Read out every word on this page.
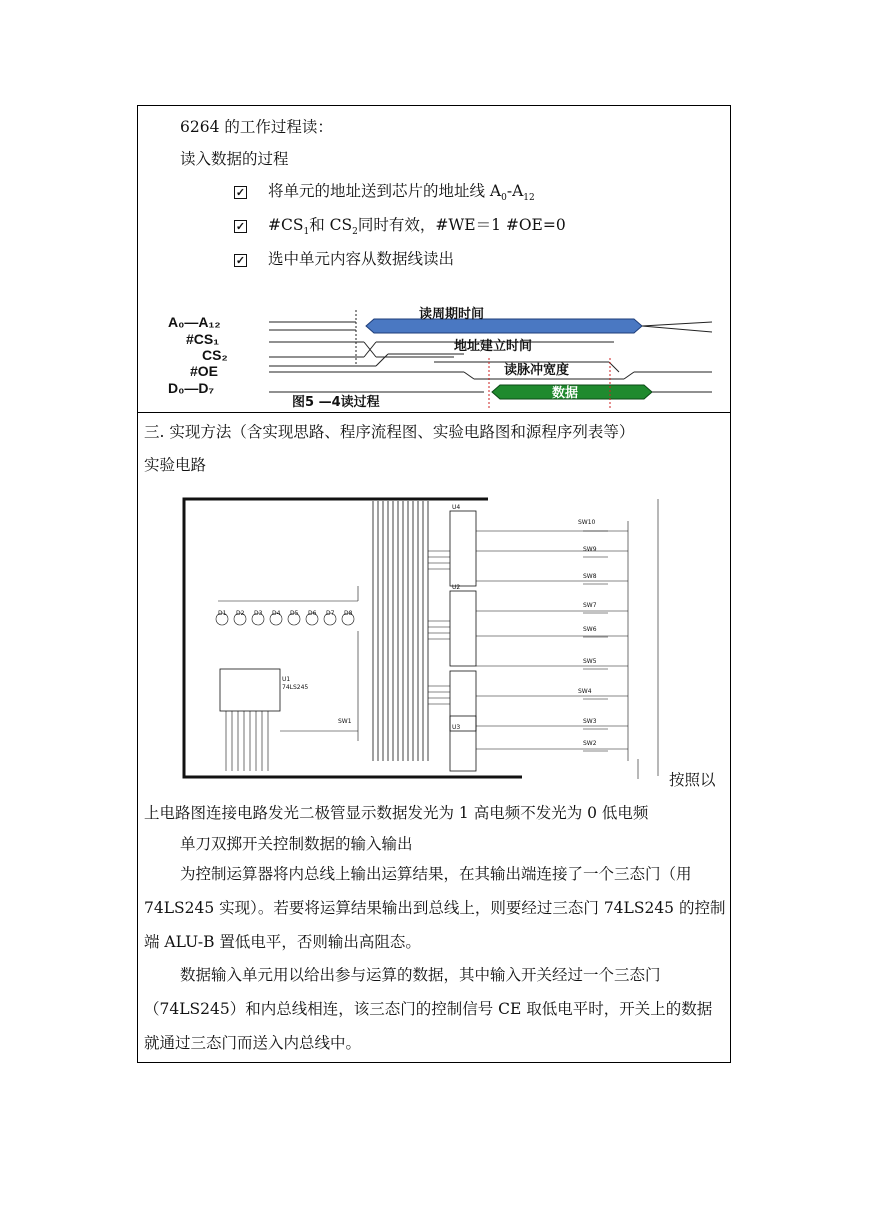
6264 的工作过程读：
读入数据的过程
✓ 将单元的地址送到芯片的地址线 $A_0-A_{12}$
✓ $\#CS_1$和 $CS_2$同时有效，#WE＝1 #OE=0
✓ 选中单元内容从数据线读出
A₀—A₁₂
#CS₁
CS₂
#OE
D₀—D₇
读周期时间
地址建立时间
读脉冲宽度
数据
图5 —4读过程
三. 实现方法（含实现思路、程序流程图、实验电路图和源程序列表等）
实验电路
U4
U2
U3
U1
74LS245
SW10
SW9
SW8
SW7
SW6
SW5
SW4
SW3
SW2
SW1
D1 D2 D3 D4 D5 D6 D7 D8
按照以
上电路图连接电路发光二极管显示数据发光为 1 高电频不发光为 0 低电频
单刀双掷开关控制数据的输入输出
为控制运算器将内总线上输出运算结果，在其输出端连接了一个三态门（用 74LS245 实现）。若要将运算结果输出到总线上，则要经过三态门 74LS245 的控制端 ALU-B 置低电平，否则输出高阻态。
数据输入单元用以给出参与运算的数据，其中输入开关经过一个三态门（74LS245）和内总线相连，该三态门的控制信号 CE 取低电平时，开关上的数据就通过三态门而送入内总线中。
